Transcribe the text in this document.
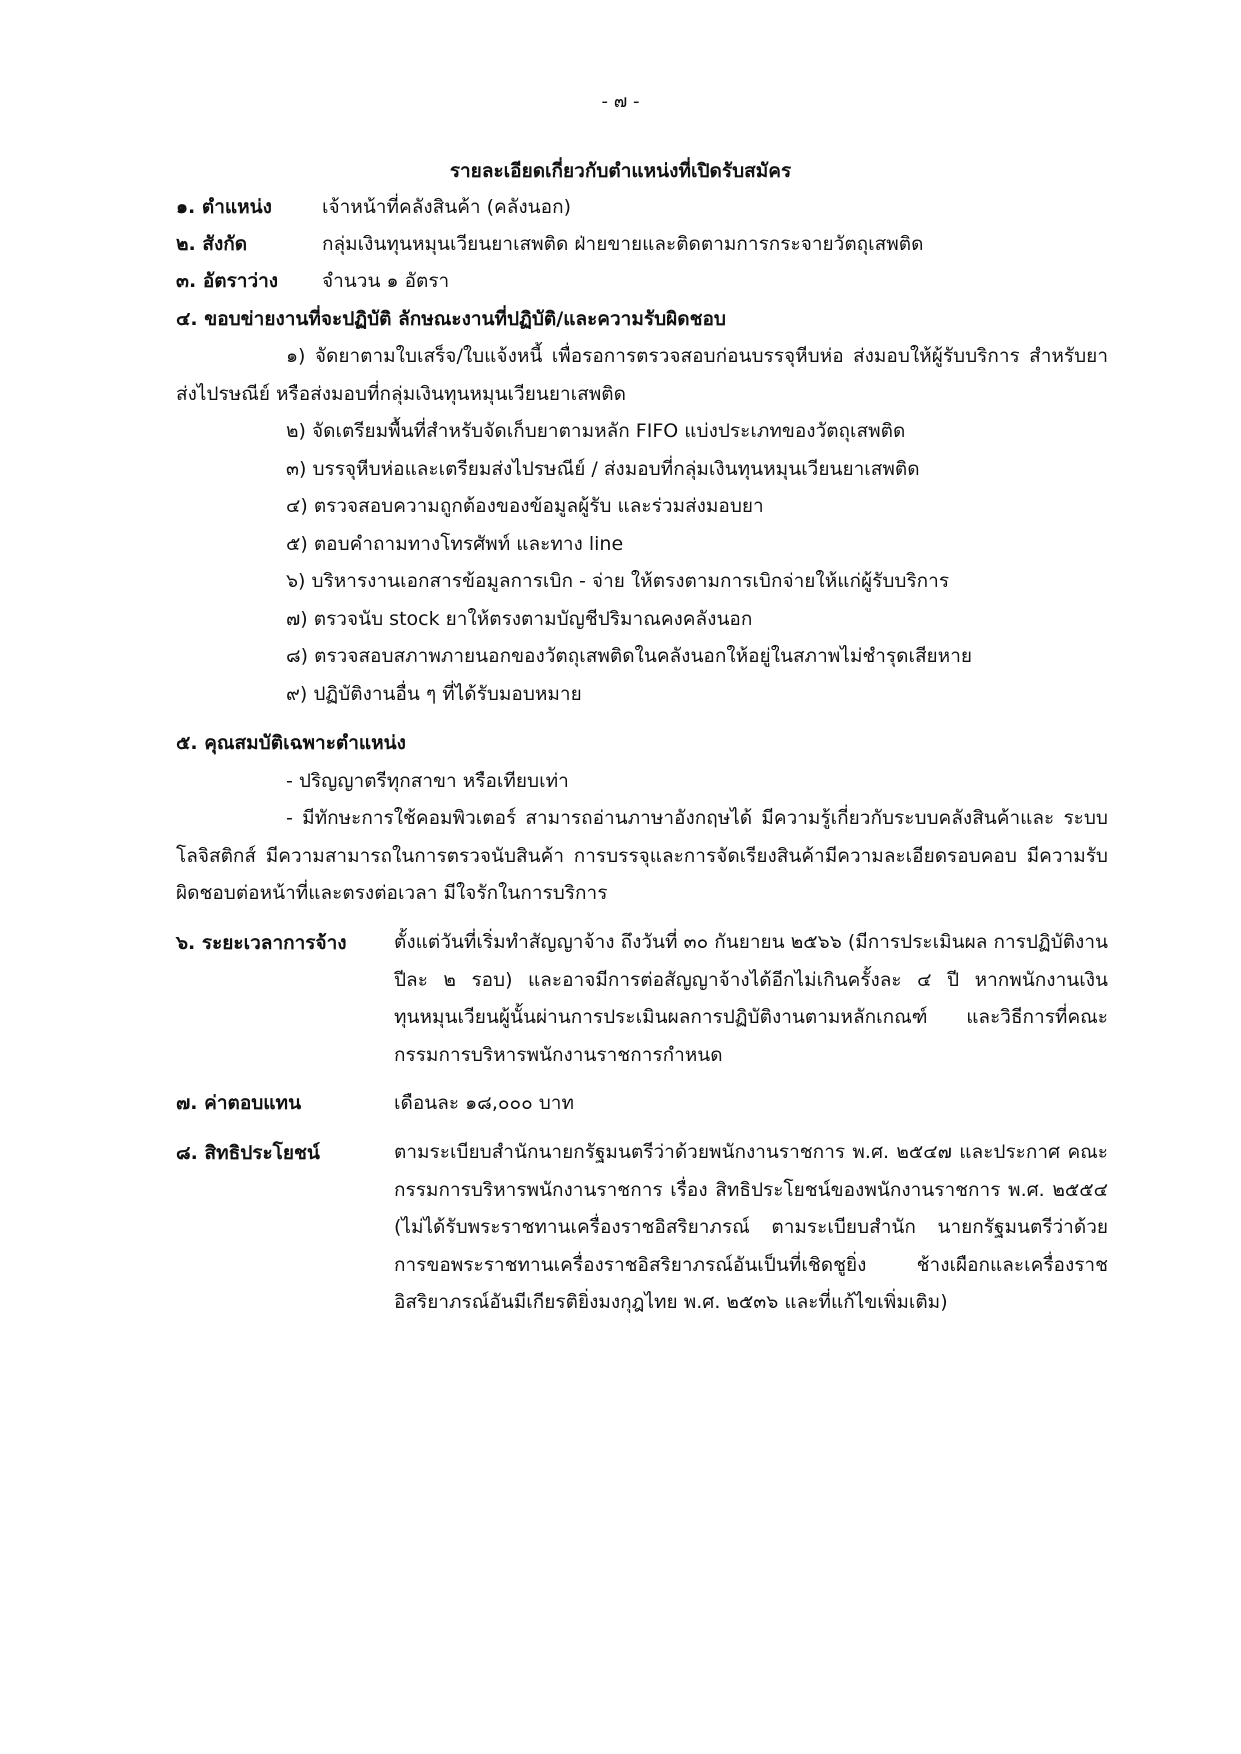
- ๗ -
รายละเอียดเกี่ยวกับตำแหน่งที่เปิดรับสมัคร
๑. ตำแหน่ง	เจ้าหน้าที่คลังสินค้า (คลังนอก)
๒. สังกัด	กลุ่มเงินทุนหมุนเวียนยาเสพติด ฝ่ายขายและติดตามการกระจายวัตถุเสพติด
๓. อัตราว่าง จำนวน ๑ อัตรา
๔. ขอบข่ายงานที่จะปฏิบัติ ลักษณะงานที่ปฏิบัติ/และความรับผิดชอบ
๑) จัดยาตามใบเสร็จ/ใบแจ้งหนี้ เพื่อรอการตรวจสอบก่อนบรรจุหีบห่อ ส่งมอบให้ผู้รับบริการ สำหรับยาส่งไปรษณีย์ หรือส่งมอบที่กลุ่มเงินทุนหมุนเวียนยาเสพติด
๒) จัดเตรียมพื้นที่สำหรับจัดเก็บยาตามหลัก FIFO แบ่งประเภทของวัตถุเสพติด
๓) บรรจุหีบห่อและเตรียมส่งไปรษณีย์ / ส่งมอบที่กลุ่มเงินทุนหมุนเวียนยาเสพติด
๔) ตรวจสอบความถูกต้องของข้อมูลผู้รับ และร่วมส่งมอบยา
๕) ตอบคำถามทางโทรศัพท์ และทาง line
๖) บริหารงานเอกสารข้อมูลการเบิก - จ่าย ให้ตรงตามการเบิกจ่ายให้แก่ผู้รับบริการ
๗) ตรวจนับ stock ยาให้ตรงตามบัญชีปริมาณคงคลังนอก
๘) ตรวจสอบสภาพภายนอกของวัตถุเสพติดในคลังนอกให้อยู่ในสภาพไม่ชำรุดเสียหาย
๙) ปฏิบัติงานอื่น ๆ ที่ได้รับมอบหมาย
๕. คุณสมบัติเฉพาะตำแหน่ง
- ปริญญาตรีทุกสาขา หรือเทียบเท่า
- มีทักษะการใช้คอมพิวเตอร์ สามารถอ่านภาษาอังกฤษได้ มีความรู้เกี่ยวกับระบบคลังสินค้าและ ระบบโลจิสติกส์ มีความสามารถในการตรวจนับสินค้า การบรรจุและการจัดเรียงสินค้ามีความละเอียดรอบคอบ มีความรับผิดชอบต่อหน้าที่และตรงต่อเวลา มีใจรักในการบริการ
๖. ระยะเวลาการจ้าง ตั้งแต่วันที่เริ่มทำสัญญาจ้าง ถึงวันที่ ๓๐ กันยายน ๒๕๖๖ (มีการประเมินผล การปฏิบัติงานปีละ ๒ รอบ) และอาจมีการต่อสัญญาจ้างได้อีกไม่เกินครั้งละ ๔ ปี หากพนักงานเงินทุนหมุนเวียนผู้นั้นผ่านการประเมินผลการปฏิบัติงานตามหลักเกณฑ์ และวิธีการที่คณะกรรมการบริหารพนักงานราชการกำหนด
๗. ค่าตอบแทน	เดือนละ ๑๘,๐๐๐ บาท
๘. สิทธิประโยชน์	ตามระเบียบสำนักนายกรัฐมนตรีว่าด้วยพนักงานราชการ พ.ศ. ๒๕๔๗ และประกาศ คณะกรรมการบริหารพนักงานราชการ เรื่อง สิทธิประโยชน์ของพนักงานราชการ พ.ศ. ๒๕๕๔ (ไม่ได้รับพระราชทานเครื่องราชอิสริยาภรณ์ ตามระเบียบสำนัก นายกรัฐมนตรีว่าด้วยการขอพระราชทานเครื่องราชอิสริยาภรณ์อันเป็นที่เชิดชูยิ่ง ช้างเผือกและเครื่องราชอิสริยาภรณ์อันมีเกียรติยิ่งมงกุฎไทย พ.ศ. ๒๕๓๖ และที่แก้ไขเพิ่มเติม)
